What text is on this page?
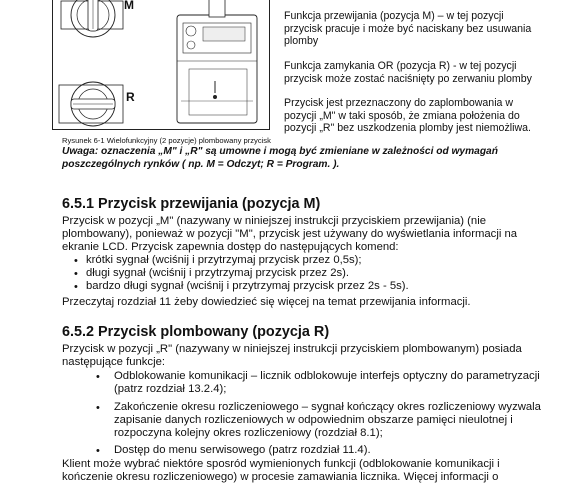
M
R
Funkcja przewijania (pozycja M) – w tej pozycji
przycisk pracuje i może być naciskany bez usuwania
plomby
Funkcja zamykania OR (pozycja R) - w tej pozycji
przycisk może zostać naciśnięty po zerwaniu plomby
Przycisk jest przeznaczony do zaplombowania w
pozycji „M" w taki sposób, że zmiana położenia do
pozycji „R" bez uszkodzenia plomby jest niemożliwa.
Rysunek 6-1 Wielofunkcyjny (2 pozycje) plombowany przycisk
Uwaga: oznaczenia „M" i „R" są umowne i mogą być zmieniane w zależności od wymagań
poszczególnych rynków ( np. M = Odczyt; R = Program. ).
6.5.1 Przycisk przewijania (pozycja M)
Przycisk w pozycji „M" (nazywany w niniejszej instrukcji przyciskiem przewijania) (nie
plombowany), ponieważ w pozycji "M", przycisk jest używany do wyświetlania informacji na
ekranie LCD. Przycisk zapewnia dostęp do następujących komend:
• krótki sygnał (wciśnij i przytrzymaj przycisk przez 0,5s);
• długi sygnał (wciśnij i przytrzymaj przycisk przez 2s).
• bardzo długi sygnał (wciśnij i przytrzymaj przycisk przez 2s - 5s).
Przeczytaj rozdział 11 żeby dowiedzieć się więcej na temat przewijania informacji.
6.5.2 Przycisk plombowany (pozycja R)
Przycisk w pozycji „R" (nazywany w niniejszej instrukcji przyciskiem plombowanym) posiada
następujące funkcje:
• Odblokowanie komunikacji – licznik odblokowuje interfejs optyczny do parametryzacji
(patrz rozdział 13.2.4);
• Zakończenie okresu rozliczeniowego – sygnał kończący okres rozliczeniowy wyzwala
zapisanie danych rozliczeniowych w odpowiednim obszarze pamięci nieulotnej i
rozpoczyna kolejny okres rozliczeniowy (rozdział 8.1);
• Dostęp do menu serwisowego (patrz rozdział 11.4).
Klient może wybrać niektóre sposród wymienionych funkcji (odblokowanie komunikacji i
kończenie okresu rozliczeniowego) w procesie zamawiania licznika. Więcej informacji o
